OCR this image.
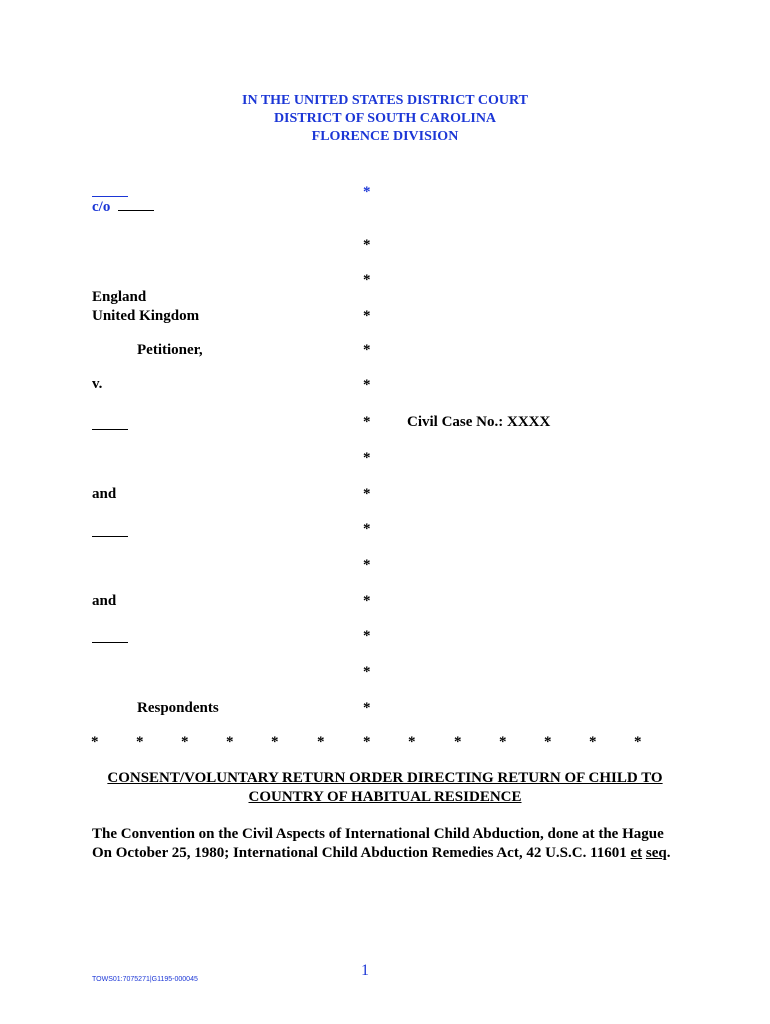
IN THE UNITED STATES DISTRICT COURT
DISTRICT OF SOUTH CAROLINA
FLORENCE DIVISION
c/o
England
United Kingdom
Petitioner,
v.
and
and
Respondents
*
*
*
*
*
*
*
*
*
*
*
*
*
*
*
Civil Case No.: XXXX
*	*	*	*	*	*	*	*	*	*	*	*	*
CONSENT/VOLUNTARY RETURN ORDER DIRECTING RETURN OF CHILD TO
COUNTRY OF HABITUAL RESIDENCE
The Convention on the Civil Aspects of International Child Abduction, done at the Hague
On October 25, 1980; International Child Abduction Remedies Act, 42 U.S.C. 11601 et seq.
TOWS01:7075271|G1195-000045
1
